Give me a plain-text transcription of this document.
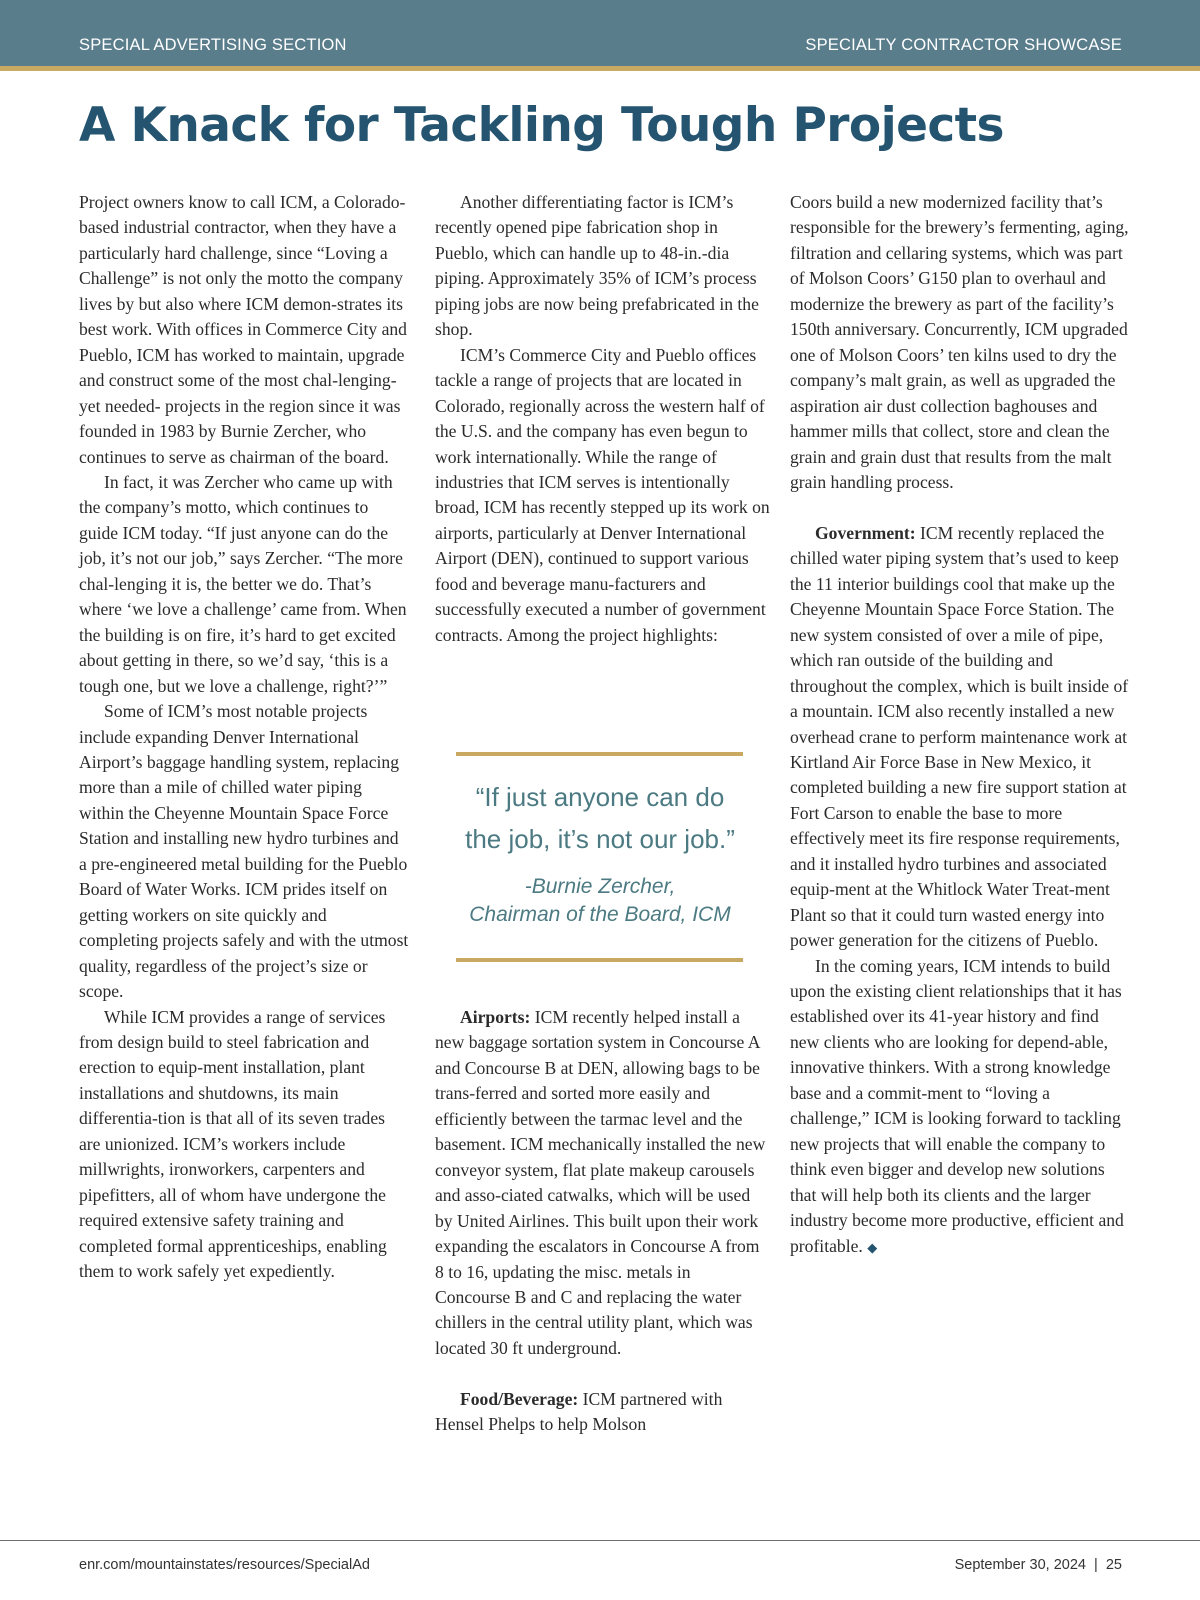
SPECIAL ADVERTISING SECTION	SPECIALTY CONTRACTOR SHOWCASE
A Knack for Tackling Tough Projects

Project owners know to call ICM, a Colorado-based industrial contractor, when they have a particularly hard challenge, since “Loving a Challenge” is not only the motto the company lives by but also where ICM demon-strates its best work. With offices in Commerce City and Pueblo, ICM has worked to maintain, upgrade and construct some of the most chal-lenging-yet needed- projects in the region since it was founded in 1983 by Burnie Zercher, who continues to serve as chairman of the board.

In fact, it was Zercher who came up with the company’s motto, which continues to guide ICM today. “If just anyone can do the job, it’s not our job,” says Zercher. “The more chal-lenging it is, the better we do. That’s where ‘we love a challenge’ came from. When the building is on fire, it’s hard to get excited about getting in there, so we’d say, ‘this is a tough one, but we love a challenge, right?’”

Some of ICM’s most notable projects include expanding Denver International Airport’s baggage handling system, replacing more than a mile of chilled water piping within the Cheyenne Mountain Space Force Station and installing new hydro turbines and a pre-engineered metal building for the Pueblo Board of Water Works. ICM prides itself on getting workers on site quickly and completing projects safely and with the utmost quality, regardless of the project’s size or scope.

While ICM provides a range of services from design build to steel fabrication and erection to equip-ment installation, plant installations and shutdowns, its main differentia-tion is that all of its seven trades are unionized. ICM’s workers include millwrights, ironworkers, carpenters and pipefitters, all of whom have undergone the required extensive safety training and completed formal apprenticeships, enabling them to work safely yet expediently.

Another differentiating factor is ICM’s recently opened pipe fabrication shop in Pueblo, which can handle up to 48-in.-dia piping. Approximately 35% of ICM’s process piping jobs are now being prefabricated in the shop.

ICM’s Commerce City and Pueblo offices tackle a range of projects that are located in Colorado, regionally across the western half of the U.S. and the company has even begun to work internationally. While the range of industries that ICM serves is intentionally broad, ICM has recently stepped up its work on airports, particularly at Denver International Airport (DEN), continued to support various food and beverage manu-facturers and successfully executed a number of government contracts. Among the project highlights:

“If just anyone can do
the job, it’s not our job.”
-Burnie Zercher,
Chairman of the Board, ICM

Airports: ICM recently helped install a new baggage sortation system in Concourse A and Concourse B at DEN, allowing bags to be trans-ferred and sorted more easily and efficiently between the tarmac level and the basement. ICM mechanically installed the new conveyor system, flat plate makeup carousels and asso-ciated catwalks, which will be used by United Airlines. This built upon their work expanding the escalators in Concourse A from 8 to 16, updating the misc. metals in Concourse B and C and replacing the water chillers in the central utility plant, which was located 30 ft underground.

Food/Beverage: ICM partnered with Hensel Phelps to help Molson

Coors build a new modernized facility that’s responsible for the brewery’s fermenting, aging, filtration and cellaring systems, which was part of Molson Coors’ G150 plan to overhaul and modernize the brewery as part of the facility’s 150th anniversary. Concurrently, ICM upgraded one of Molson Coors’ ten kilns used to dry the company’s malt grain, as well as upgraded the aspiration air dust collection baghouses and hammer mills that collect, store and clean the grain and grain dust that results from the malt grain handling process.

Government: ICM recently replaced the chilled water piping system that’s used to keep the 11 interior buildings cool that make up the Cheyenne Mountain Space Force Station. The new system consisted of over a mile of pipe, which ran outside of the building and throughout the complex, which is built inside of a mountain. ICM also recently installed a new overhead crane to perform maintenance work at Kirtland Air Force Base in New Mexico, it completed building a new fire support station at Fort Carson to enable the base to more effectively meet its fire response requirements, and it installed hydro turbines and associated equip-ment at the Whitlock Water Treat-ment Plant so that it could turn wasted energy into power generation for the citizens of Pueblo.

In the coming years, ICM intends to build upon the existing client relationships that it has established over its 41-year history and find new clients who are looking for depend-able, innovative thinkers. With a strong knowledge base and a commit-ment to “loving a challenge,” ICM is looking forward to tackling new projects that will enable the company to think even bigger and develop new solutions that will help both its clients and the larger industry become more productive, efficient and profitable. ◆

enr.com/mountainstates/resources/SpecialAd	September 30, 2024  |  25
